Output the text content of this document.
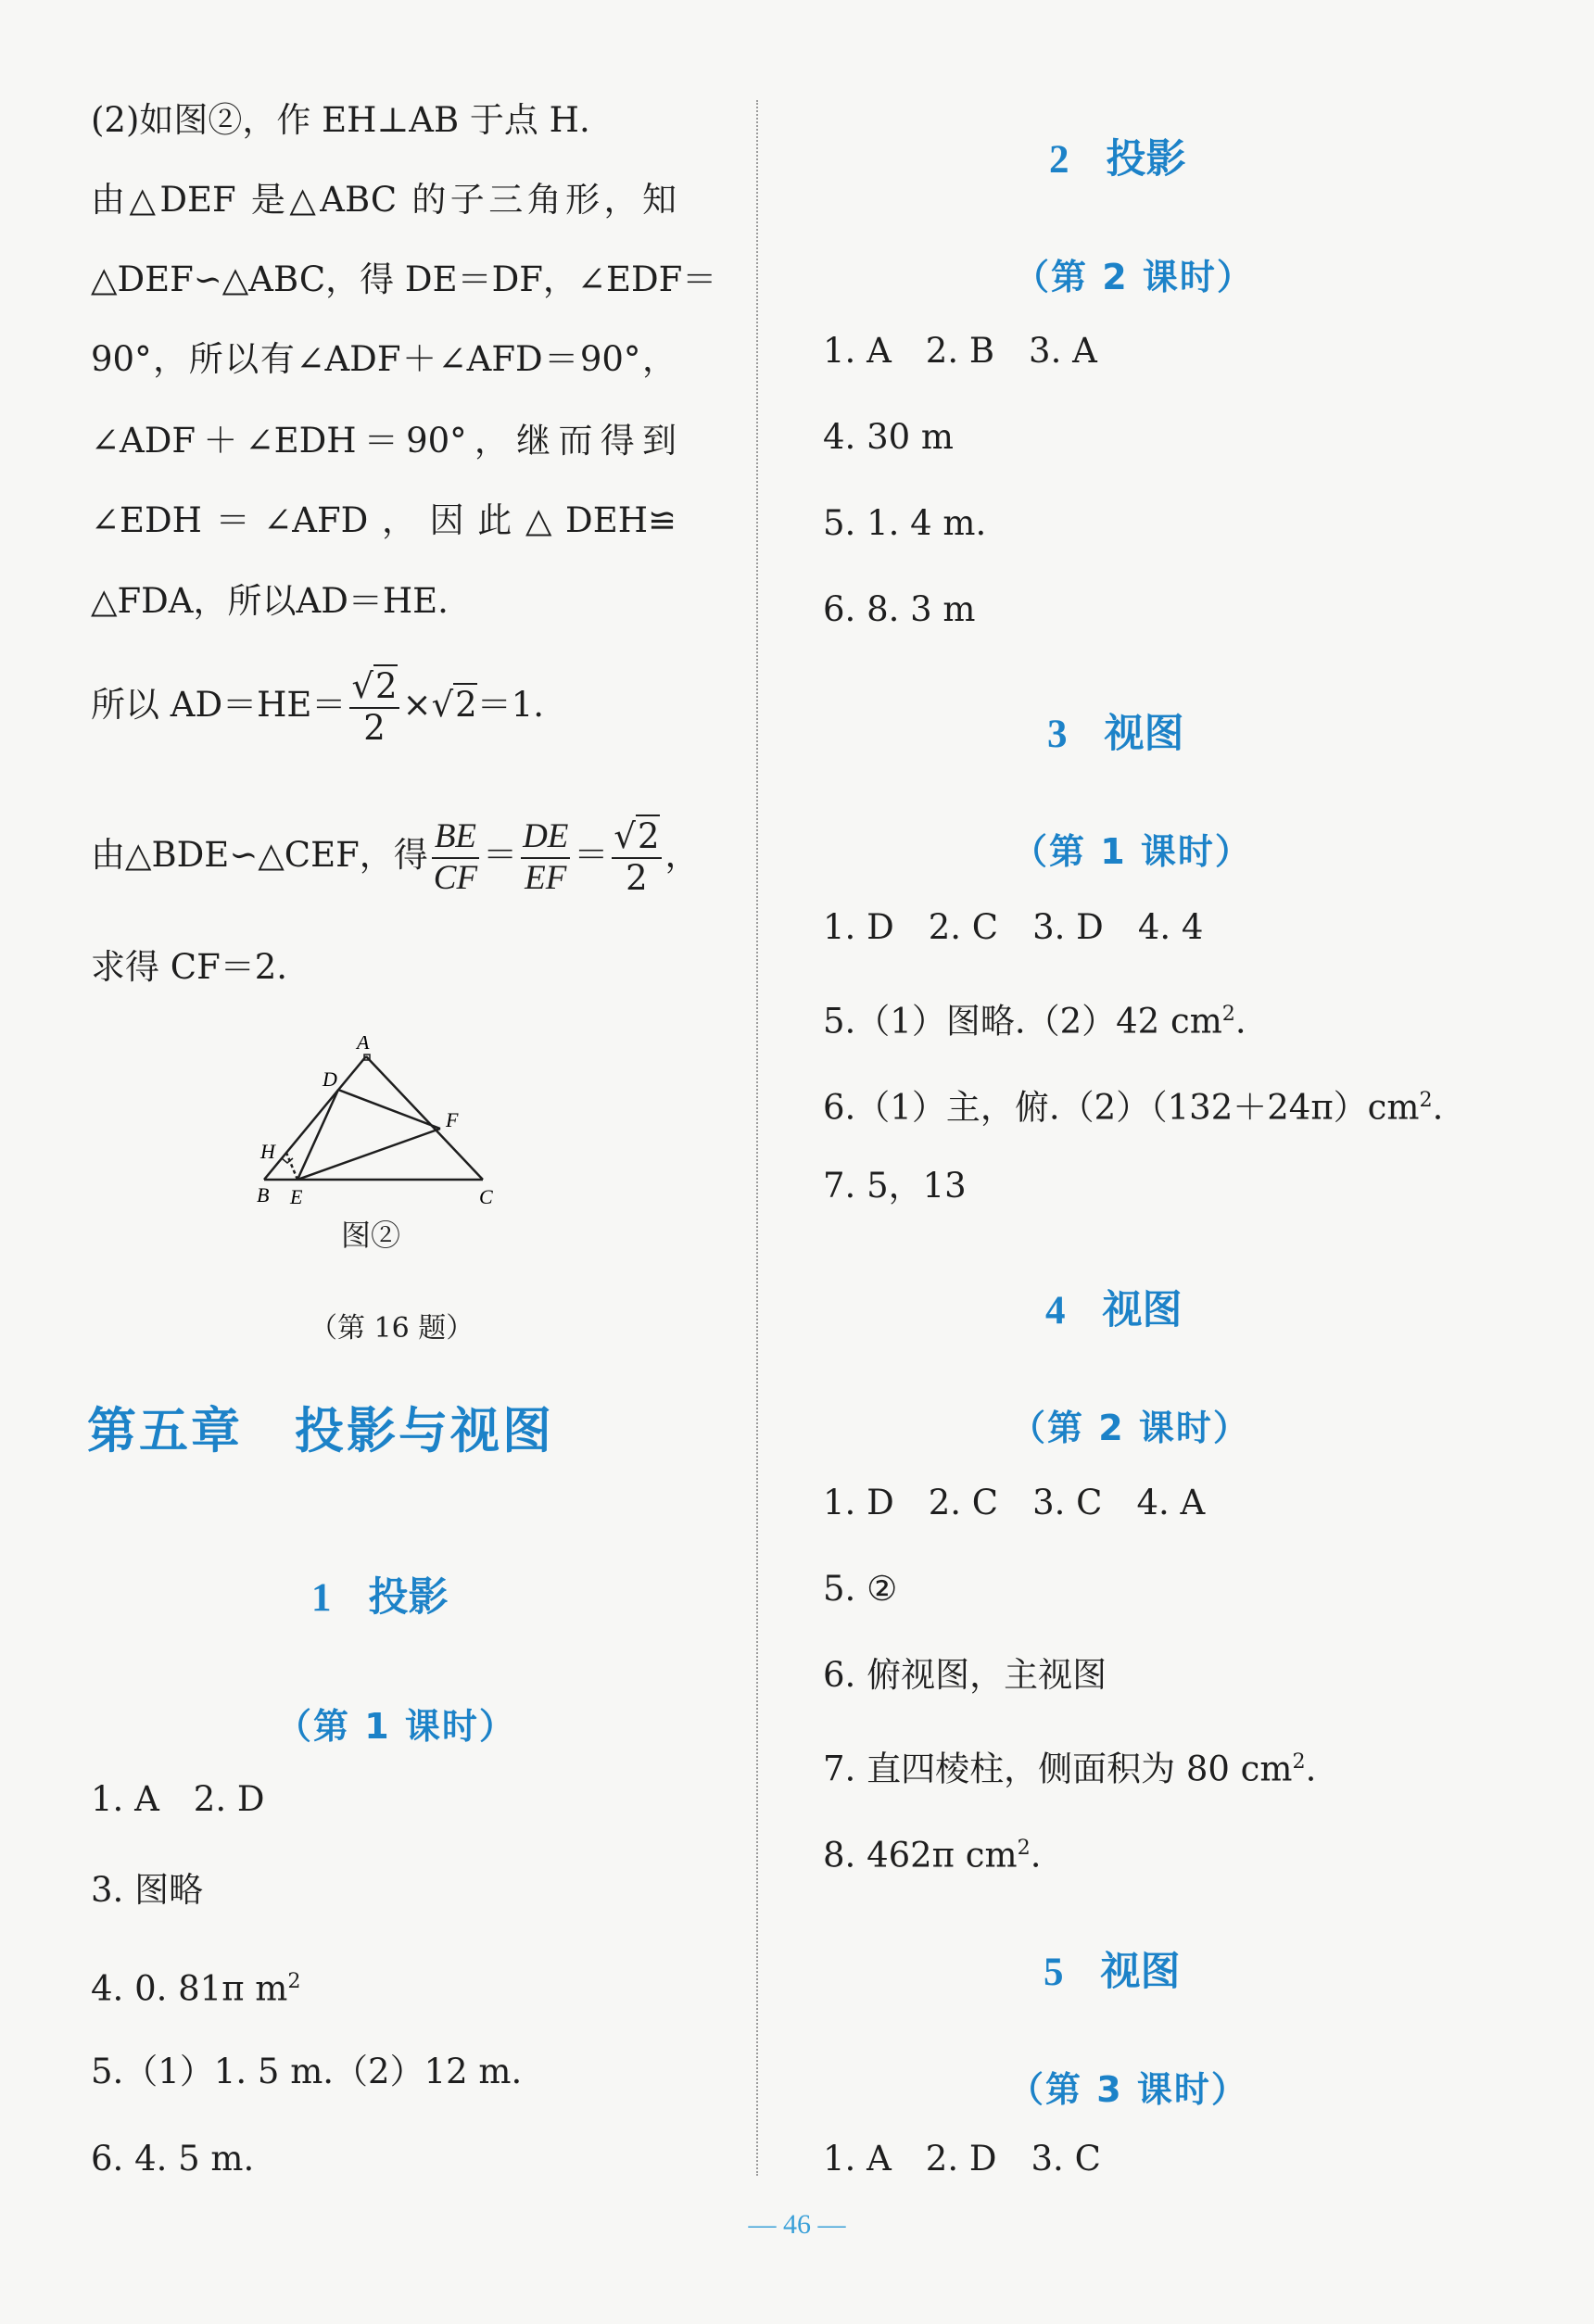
(2)如图②，作 EH⊥AB 于点 H.
由△DEF 是△ABC 的子三角形，知
△DEF∽△ABC，得 DE＝DF，∠EDF＝
90°，所以有∠ADF＋∠AFD＝90°，
∠ADF＋∠EDH＝90°，继而得到
∠EDH＝∠AFD，因此△DEH≌
△FDA，所以AD＝HE.
所以 $AD=HE= \frac{√2}{2} \times√2=1$.
由△BDE∽△CEF，得 $\frac{BE}{CF} = \frac{DE}{EF} = \frac{√2}{2}$ ，
求得 CF＝2.
A
D
F
H
B E	C
图②
（第 16 题）
第五章　投影与视图
1 投影
（第 1 课时）
1. A　2. D
3. 图略
4. 0. 81π $m^2$
5.（1）1. 5 m.（2）12 m.
6. 4. 5 m.
2 投影
（第 2 课时）
1. A　2. B　3. A
4. 30 m
5. 1. 4 m.
6. 8. 3 m
3 视图
（第 1 课时）
1. D　2. C　3. D　4. 4
5.（1）图略.（2）42 $cm^2$.
6.（1）主，俯$.(2)(132+24\pi)cm^2$.
7. 5，13
4 视图
（第 2 课时）
1. D　2. C　3. C　4. A
5. ②
6. 俯视图，主视图
7. 直四棱柱，侧面积为 80 $cm^2$.
8. 462π $cm^2$.
5 视图
（第 3 课时）
1. A　2. D　3. C
— 46 —
